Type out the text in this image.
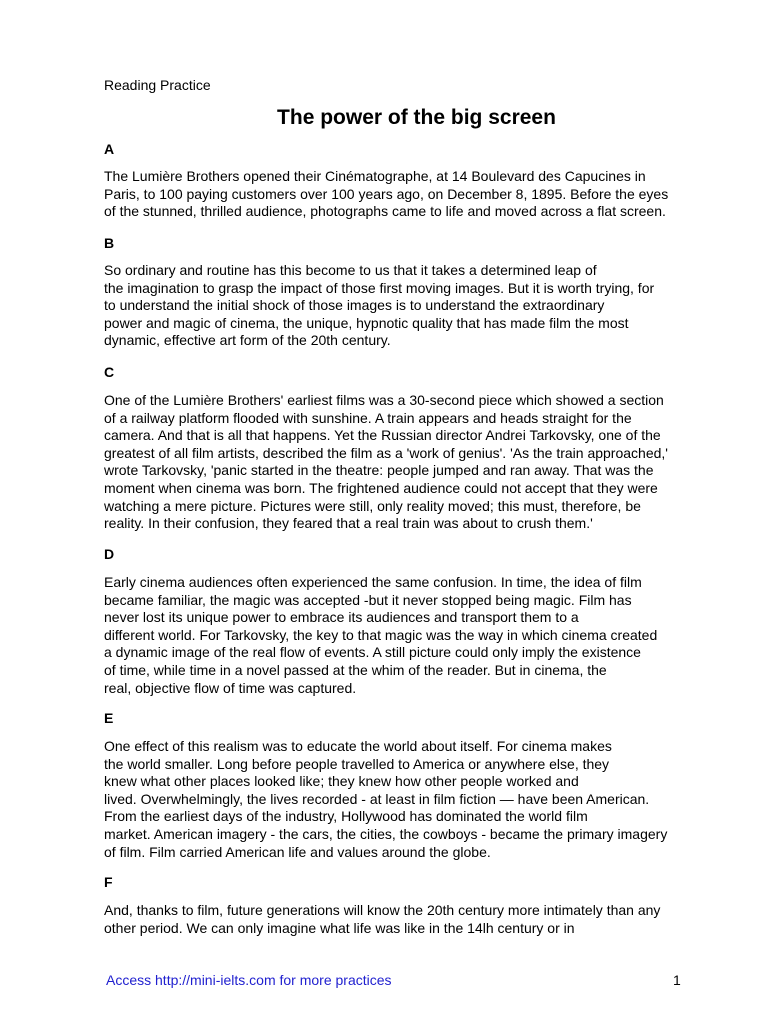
Reading Practice
The power of the big screen
A
The Lumière Brothers opened their Cinématographe, at 14 Boulevard des Capucines in
Paris, to 100 paying customers over 100 years ago, on December 8, 1895. Before the eyes
of the stunned, thrilled audience, photographs came to life and moved across a flat screen.
B
So ordinary and routine has this become to us that it takes a determined leap of
the imagination to grasp the impact of those first moving images. But it is worth trying, for
to understand the initial shock of those images is to understand the extraordinary
power and magic of cinema, the unique, hypnotic quality that has made film the most
dynamic, effective art form of the 20th century.
C
One of the Lumière Brothers' earliest films was a 30-second piece which showed a section
of a railway platform flooded with sunshine. A train appears and heads straight for the
camera. And that is all that happens. Yet the Russian director Andrei Tarkovsky, one of the
greatest of all film artists, described the film as a 'work of genius'. 'As the train approached,'
wrote Tarkovsky, 'panic started in the theatre: people jumped and ran away. That was the
moment when cinema was born. The frightened audience could not accept that they were
watching a mere picture. Pictures were still, only reality moved; this must, therefore, be
reality. In their confusion, they feared that a real train was about to crush them.'
D
Early cinema audiences often experienced the same confusion. In time, the idea of film
became familiar, the magic was accepted -but it never stopped being magic. Film has
never lost its unique power to embrace its audiences and transport them to a
different world. For Tarkovsky, the key to that magic was the way in which cinema created
a dynamic image of the real flow of events. A still picture could only imply the existence
of time, while time in a novel passed at the whim of the reader. But in cinema, the
real, objective flow of time was captured.
E
One effect of this realism was to educate the world about itself. For cinema makes
the world smaller. Long before people travelled to America or anywhere else, they
knew what other places looked like; they knew how other people worked and
lived. Overwhelmingly, the lives recorded - at least in film fiction — have been American.
From the earliest days of the industry, Hollywood has dominated the world film
market. American imagery - the cars, the cities, the cowboys - became the primary imagery
of film. Film carried American life and values around the globe.
F
And, thanks to film, future generations will know the 20th century more intimately than any
other period. We can only imagine what life was like in the 14lh century or in
Access http://mini-ielts.com for more practices	1
